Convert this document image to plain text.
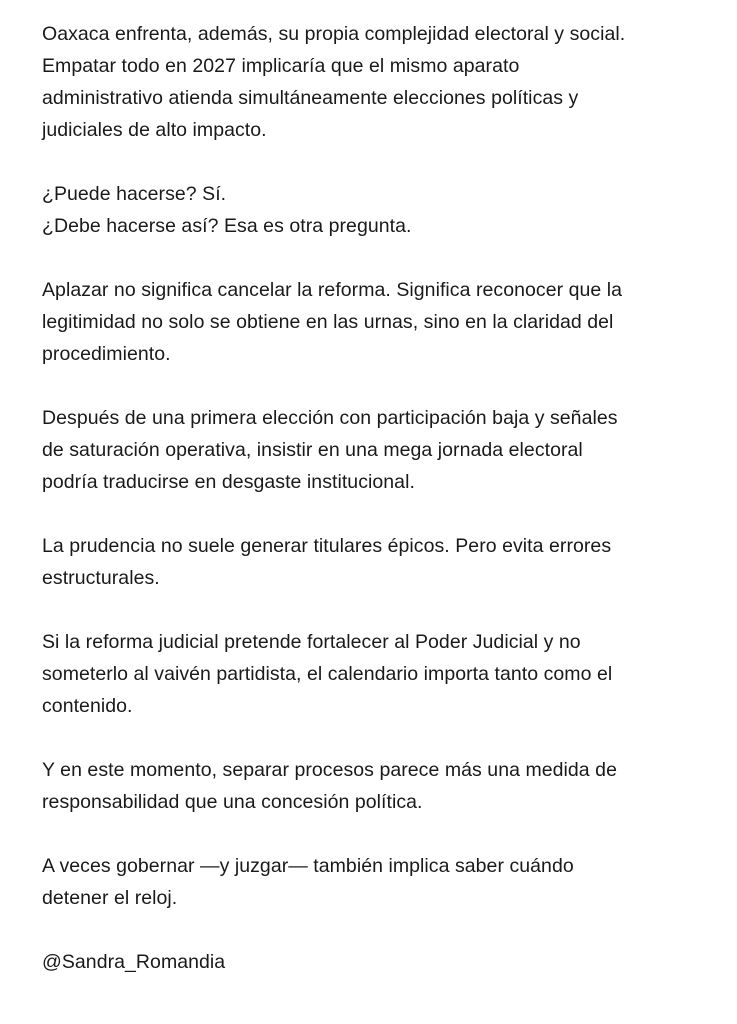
Oaxaca enfrenta, además, su propia complejidad electoral y social.
Empatar todo en 2027 implicaría que el mismo aparato
administrativo atienda simultáneamente elecciones políticas y
judiciales de alto impacto.

¿Puede hacerse? Sí.
¿Debe hacerse así? Esa es otra pregunta.

Aplazar no significa cancelar la reforma. Significa reconocer que la
legitimidad no solo se obtiene en las urnas, sino en la claridad del
procedimiento.

Después de una primera elección con participación baja y señales
de saturación operativa, insistir en una mega jornada electoral
podría traducirse en desgaste institucional.

La prudencia no suele generar titulares épicos. Pero evita errores
estructurales.

Si la reforma judicial pretende fortalecer al Poder Judicial y no
someterlo al vaivén partidista, el calendario importa tanto como el
contenido.

Y en este momento, separar procesos parece más una medida de
responsabilidad que una concesión política.

A veces gobernar —y juzgar— también implica saber cuándo
detener el reloj.

@Sandra_Romandia
